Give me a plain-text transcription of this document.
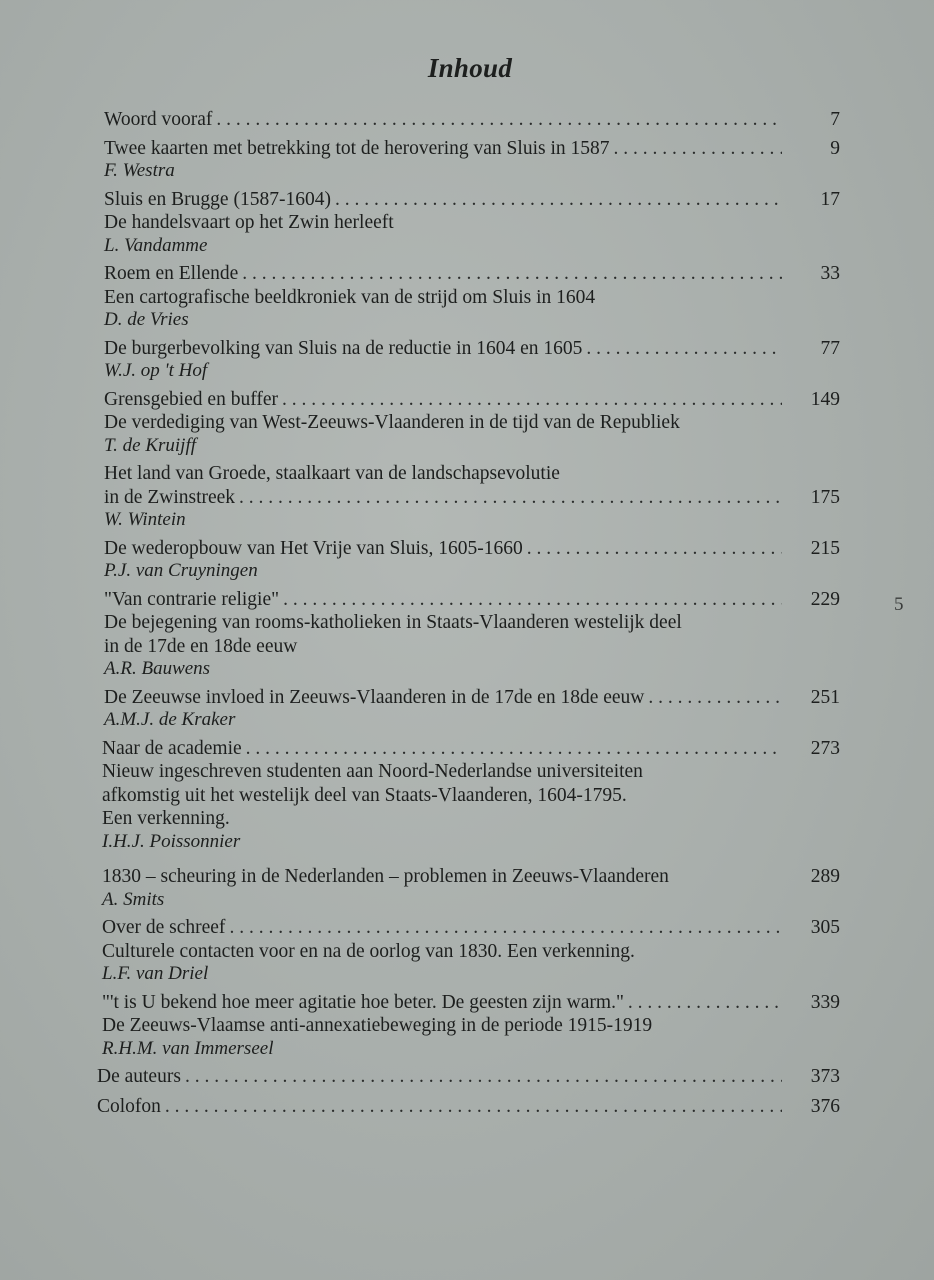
Inhoud
Woord vooraf . . .	7
Twee kaarten met betrekking tot de herovering van Sluis in 1587 . . .	9
F. Westra
Sluis en Brugge (1587-1604) . . .	17
De handelsvaart op het Zwin herleeft
L. Vandamme
Roem en Ellende . . .	33
Een cartografische beeldkroniek van de strijd om Sluis in 1604
D. de Vries
De burgerbevolking van Sluis na de reductie in 1604 en 1605 . . .	77
W.J. op 't Hof
Grensgebied en buffer . . .	149
De verdediging van West-Zeeuws-Vlaanderen in de tijd van de Republiek
T. de Kruijff
Het land van Groede, staalkaart van de landschapsevolutie
in de Zwinstreek . . .	175
W. Wintein
De wederopbouw van Het Vrije van Sluis, 1605-1660 . . .	215
P.J. van Cruyningen
"Van contrarie religie" . . .	229
De bejegening van rooms-katholieken in Staats-Vlaanderen westelijk deel
in de 17de en 18de eeuw
A.R. Bauwens
De Zeeuwse invloed in Zeeuws-Vlaanderen in de 17de en 18de eeuw . . .	251
A.M.J. de Kraker
Naar de academie . . .	273
Nieuw ingeschreven studenten aan Noord-Nederlandse universiteiten
afkomstig uit het westelijk deel van Staats-Vlaanderen, 1604-1795.
Een verkenning.
I.H.J. Poissonnier
1830 – scheuring in de Nederlanden – problemen in Zeeuws-Vlaanderen	289
A. Smits
Over de schreef . . .	305
Culturele contacten voor en na de oorlog van 1830. Een verkenning.
L.F. van Driel
"'t is U bekend hoe meer agitatie hoe beter. De geesten zijn warm." . . .	339
De Zeeuws-Vlaamse anti-annexatiebeweging in de periode 1915-1919
R.H.M. van Immerseel
De auteurs . . .	373
Colofon . . .	376
5
